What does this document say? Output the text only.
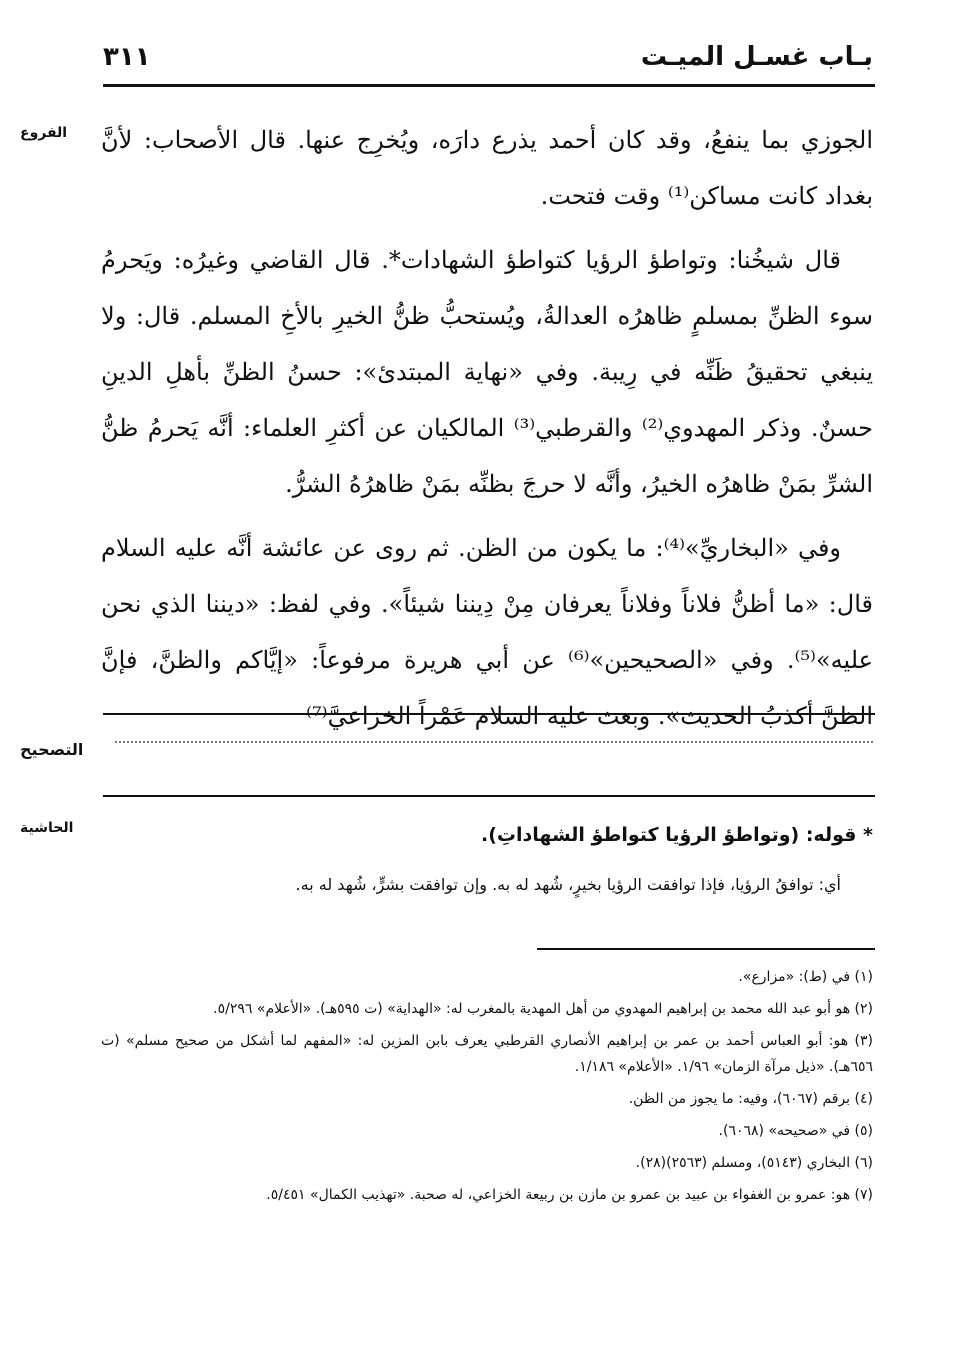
بـاب غسـل الميـت
٣١١
الفروع
التصحيح
الحاشية

الجوزي بما ينفعُ، وقد كان أحمد يذرع دارَه، ويُخرِج عنها. قال الأصحاب: لأنَّ بغداد كانت مساكن⁽¹⁾ وقت فتحت.

قال شيخُنا: وتواطؤ الرؤيا كتواطؤ الشهادات*. قال القاضي وغيرُه: ويَحرمُ سوء الظنِّ بمسلمٍ ظاهرُه العدالةُ، ويُستحبُّ ظنُّ الخيرِ بالأخِ المسلم. قال: ولا ينبغي تحقيقُ ظَنِّه في رِيبة. وفي «نهاية المبتدئ»: حسنُ الظنِّ بأهلِ الدينِ حسنٌ. وذكر المهدوي⁽²⁾ والقرطبي⁽³⁾ المالكيان عن أكثرِ العلماء: أنَّه يَحرمُ ظنُّ الشرِّ بمَنْ ظاهرُه الخيرُ، وأنَّه لا حرجَ بظنِّه بمَنْ ظاهرُهُ الشرُّ.

وفي «البخاريِّ»⁽⁴⁾: ما يكون من الظن. ثم روى عن عائشة أنَّه عليه السلام قال: «ما أظنُّ فلاناً وفلاناً يعرفان مِنْ دِيننا شيئاً». وفي لفظ: «ديننا الذي نحن عليه»⁽⁵⁾. وفي «الصحيحين»⁽⁶⁾ عن أبي هريرة مرفوعاً: «إيَّاكم والظنَّ، فإنَّ الظنَّ أكذبُ الحديث». وبعث عليه السلام عَمْراً الخزاعيَّ⁽⁷⁾

* قوله: (وتواطؤ الرؤيا كتواطؤ الشهاداتِ).
أي: توافقُ الرؤيا، فإذا توافقت الرؤيا بخيرٍ، شُهد له به. وإن توافقت بشرٍّ، شُهد له به.

(١) في (ط): «مزارع».

(٢) هو أبو عبد الله محمد بن إبراهيم المهدوي من أهل المهدية بالمغرب له: «الهداية» (ت ٥٩٥هـ). «الأعلام» ٥/٢٩٦.

(٣) هو: أبو العباس أحمد بن عمر بن إبراهيم الأنصاري القرطبي يعرف بابن المزين له: «المفهم لما أشكل من صحيح مسلم» (ت ٦٥٦هـ). «ذيل مرآة الزمان» ١/٩٦. «الأعلام» ١/١٨٦.

(٤) برقم (٦٠٦٧)، وفيه: ما يجوز من الظن.

(٥) في «صحيحه» (٦٠٦٨).

(٦) البخاري (٥١٤٣)، ومسلم (٢٥٦٣)(٢٨).

(٧) هو: عمرو بن الغفواء بن عبيد بن عمرو بن مازن بن ربيعة الخزاعي، له صحبة. «تهذيب الكمال» ٥/٤٥١.
